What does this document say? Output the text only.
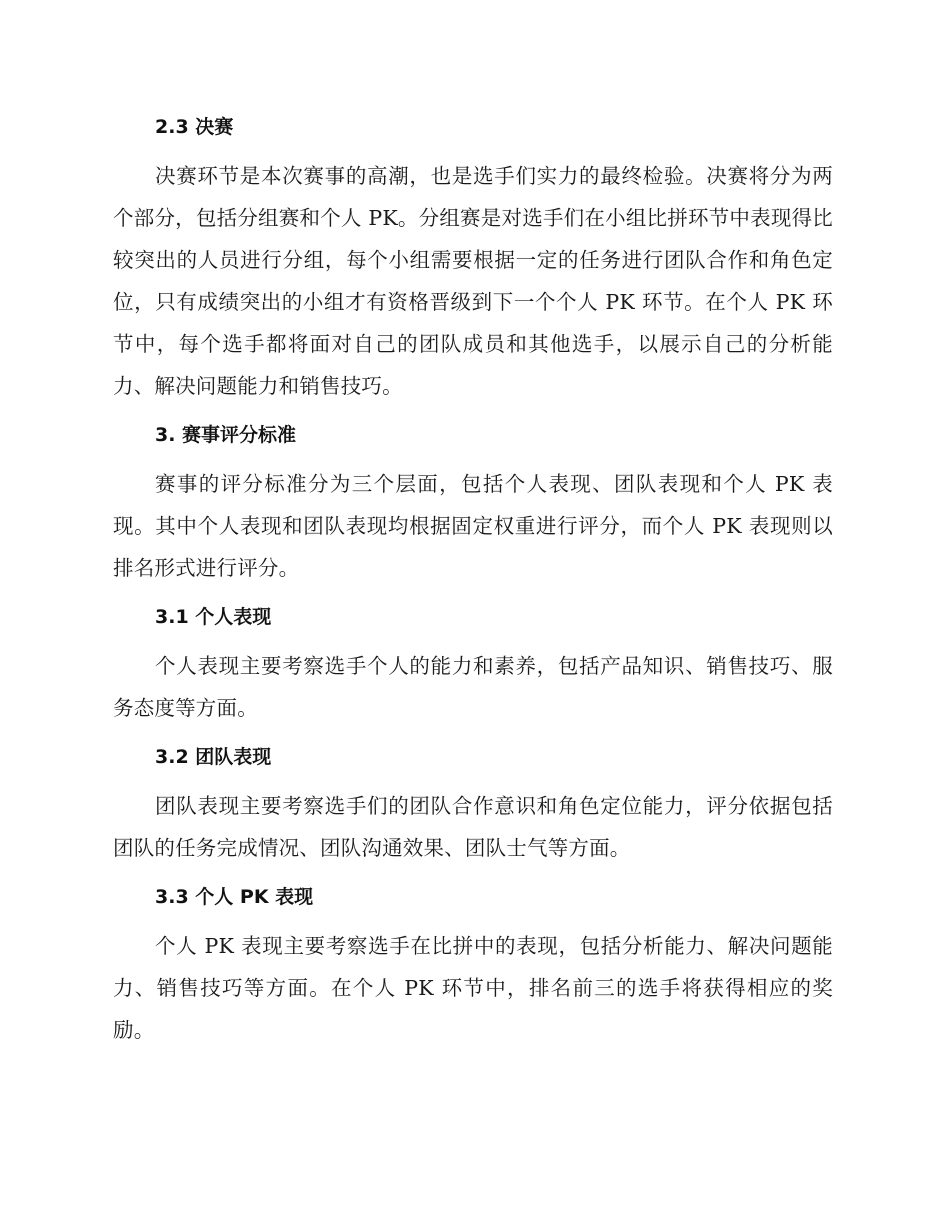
2.3 决赛
决赛环节是本次赛事的高潮，也是选手们实力的最终检验。决赛将分为两个部分，包括分组赛和个人 PK。分组赛是对选手们在小组比拼环节中表现得比较突出的人员进行分组，每个小组需要根据一定的任务进行团队合作和角色定位，只有成绩突出的小组才有资格晋级到下一个个人 PK 环节。在个人 PK 环节中，每个选手都将面对自己的团队成员和其他选手，以展示自己的分析能力、解决问题能力和销售技巧。
3. 赛事评分标准
赛事的评分标准分为三个层面，包括个人表现、团队表现和个人 PK 表现。其中个人表现和团队表现均根据固定权重进行评分，而个人 PK 表现则以排名形式进行评分。
3.1 个人表现
个人表现主要考察选手个人的能力和素养，包括产品知识、销售技巧、服务态度等方面。
3.2 团队表现
团队表现主要考察选手们的团队合作意识和角色定位能力，评分依据包括团队的任务完成情况、团队沟通效果、团队士气等方面。
3.3 个人 PK 表现
个人 PK 表现主要考察选手在比拼中的表现，包括分析能力、解决问题能力、销售技巧等方面。在个人 PK 环节中，排名前三的选手将获得相应的奖励。
